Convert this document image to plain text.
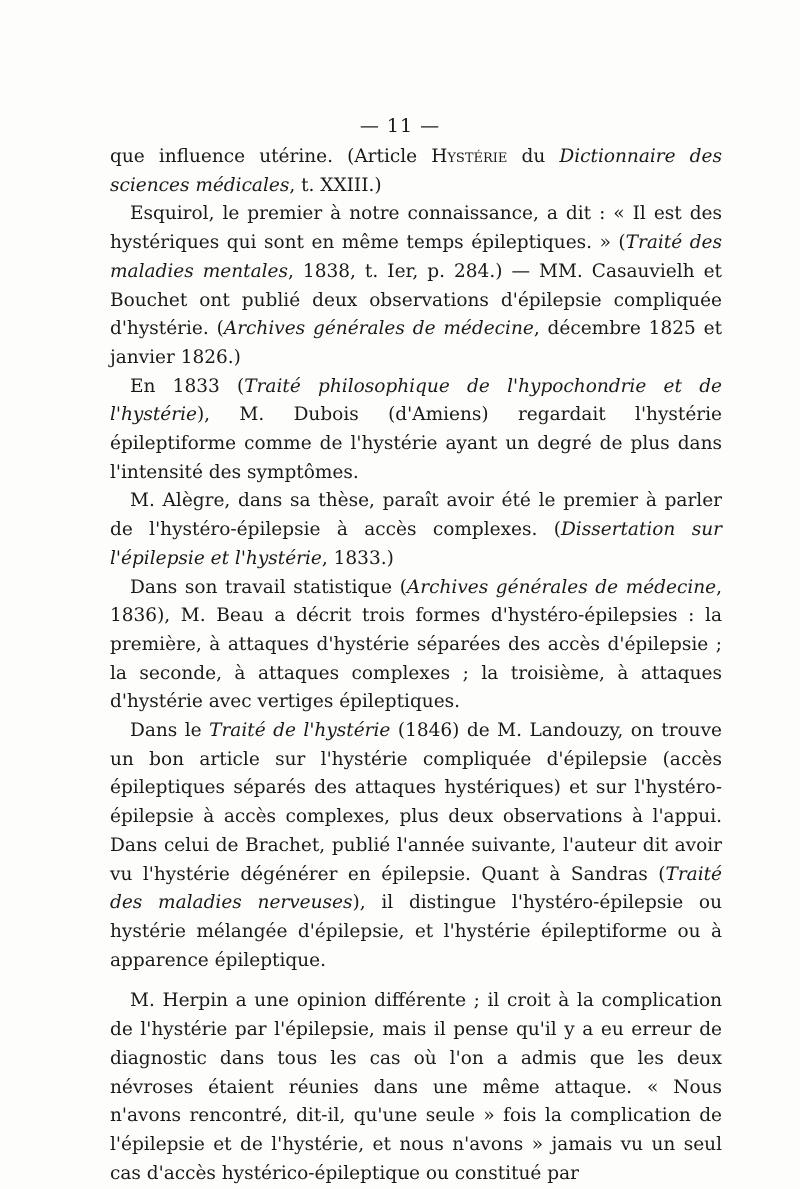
— 11 —

que influence utérine. (Article Hystérie du Dictionnaire des sciences médicales, t. XXIII.)

Esquirol, le premier à notre connaissance, a dit : « Il est des hystériques qui sont en même temps épileptiques. » (Traité des maladies mentales, 1838, t. Ier, p. 284.) — MM. Casauvielh et Bouchet ont publié deux observations d'épilepsie compliquée d'hystérie. (Archives générales de médecine, décembre 1825 et janvier 1826.)

En 1833 (Traité philosophique de l'hypochondrie et de l'hystérie), M. Dubois (d'Amiens) regardait l'hystérie épileptiforme comme de l'hystérie ayant un degré de plus dans l'intensité des symptômes.

M. Alègre, dans sa thèse, paraît avoir été le premier à parler de l'hystéro-épilepsie à accès complexes. (Dissertation sur l'épilepsie et l'hystérie, 1833.)

Dans son travail statistique (Archives générales de médecine, 1836), M. Beau a décrit trois formes d'hystéro-épilepsies : la première, à attaques d'hystérie séparées des accès d'épilepsie ; la seconde, à attaques complexes ; la troisième, à attaques d'hystérie avec vertiges épileptiques.

Dans le Traité de l'hystérie (1846) de M. Landouzy, on trouve un bon article sur l'hystérie compliquée d'épilepsie (accès épileptiques séparés des attaques hystériques) et sur l'hystéro-épilepsie à accès complexes, plus deux observations à l'appui. Dans celui de Brachet, publié l'année suivante, l'auteur dit avoir vu l'hystérie dégénérer en épilepsie. Quant à Sandras (Traité des maladies nerveuses), il distingue l'hystéro-épilepsie ou hystérie mélangée d'épilepsie, et l'hystérie épileptiforme ou à apparence épileptique.

M. Herpin a une opinion différente ; il croit à la complication de l'hystérie par l'épilepsie, mais il pense qu'il y a eu erreur de diagnostic dans tous les cas où l'on a admis que les deux névroses étaient réunies dans une même attaque. « Nous n'avons rencontré, dit-il, qu'une seule » fois la complication de l'épilepsie et de l'hystérie, et nous n'avons » jamais vu un seul cas d'accès hystérico-épileptique ou constitué par
